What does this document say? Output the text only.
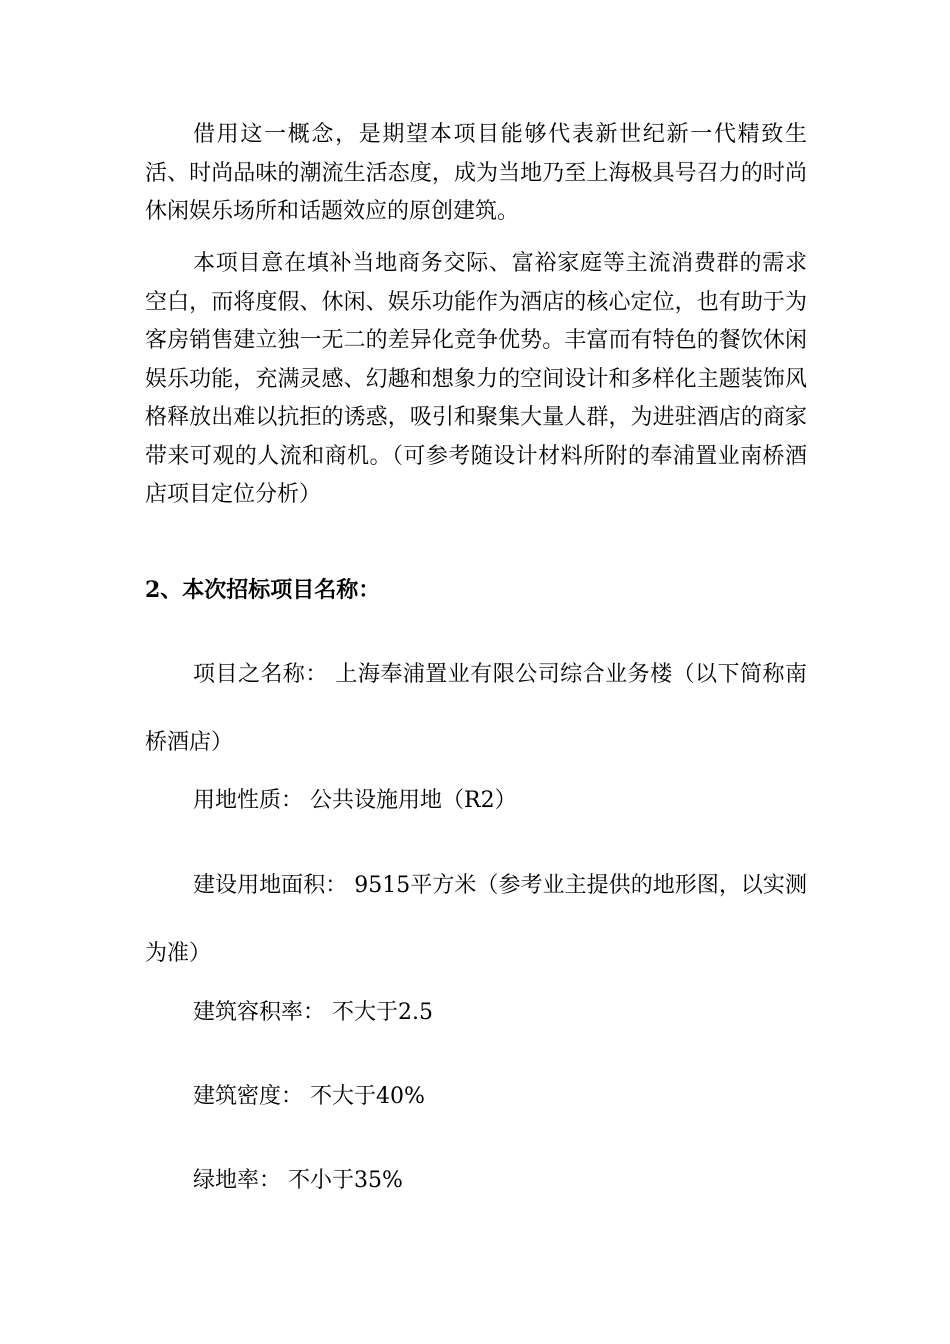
借用这一概念，是期望本项目能够代表新世纪新一代精致生活、时尚品味的潮流生活态度，成为当地乃至上海极具号召力的时尚休闲娱乐场所和话题效应的原创建筑。

本项目意在填补当地商务交际、富裕家庭等主流消费群的需求空白，而将度假、休闲、娱乐功能作为酒店的核心定位，也有助于为客房销售建立独一无二的差异化竞争优势。丰富而有特色的餐饮休闲娱乐功能，充满灵感、幻趣和想象力的空间设计和多样化主题装饰风格释放出难以抗拒的诱惑，吸引和聚集大量人群，为进驻酒店的商家带来可观的人流和商机。（可参考随设计材料所附的奉浦置业南桥酒店项目定位分析）

2、本次招标项目名称：

项目之名称： 上海奉浦置业有限公司综合业务楼（以下简称南桥酒店）

用地性质： 公共设施用地（R2）

建设用地面积： 9515平方米（参考业主提供的地形图，以实测为准）

建筑容积率： 不大于2.5

建筑密度： 不大于40%

绿地率： 不小于35%
